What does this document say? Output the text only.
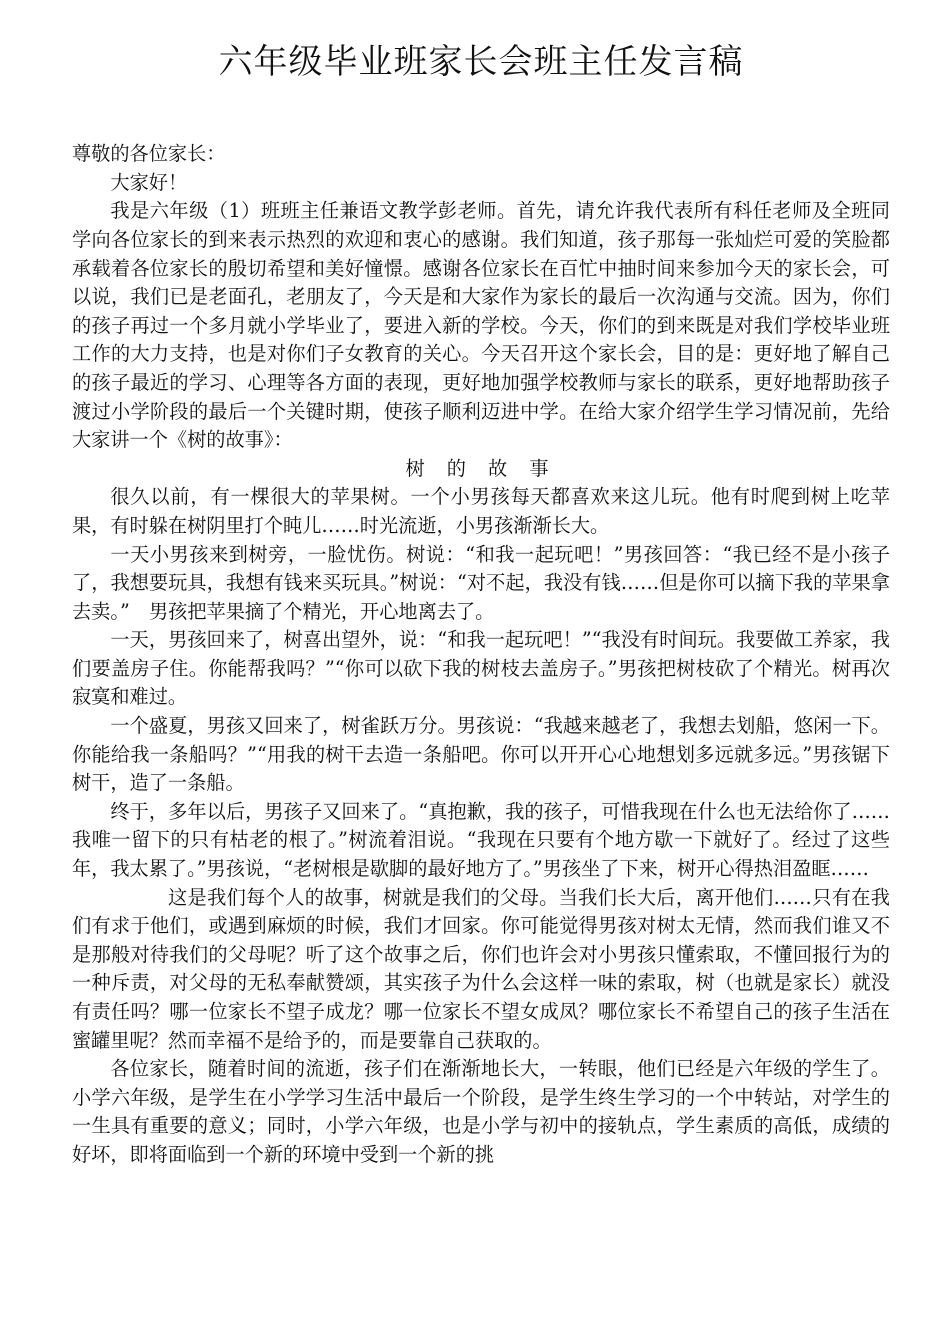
六年级毕业班家长会班主任发言稿

尊敬的各位家长：

大家好！

我是六年级（1）班班主任兼语文教学彭老师。首先，请允许我代表所有科任老师及全班同学向各位家长的到来表示热烈的欢迎和衷心的感谢。我们知道，孩子那每一张灿烂可爱的笑脸都承载着各位家长的殷切希望和美好憧憬。感谢各位家长在百忙中抽时间来参加今天的家长会，可以说，我们已是老面孔，老朋友了，今天是和大家作为家长的最后一次沟通与交流。因为，你们的孩子再过一个多月就小学毕业了，要进入新的学校。今天，你们的到来既是对我们学校毕业班工作的大力支持，也是对你们子女教育的关心。今天召开这个家长会，目的是：更好地了解自己的孩子最近的学习、心理等各方面的表现，更好地加强学校教师与家长的联系，更好地帮助孩子渡过小学阶段的最后一个关键时期，使孩子顺利迈进中学。在给大家介绍学生学习情况前，先给大家讲一个《树的故事》：

树 的 故 事

很久以前，有一棵很大的苹果树。一个小男孩每天都喜欢来这儿玩。他有时爬到树上吃苹果，有时躲在树阴里打个盹儿……时光流逝，小男孩渐渐长大。

一天小男孩来到树旁，一脸忧伤。树说：“和我一起玩吧！”男孩回答：“我已经不是小孩子了，我想要玩具，我想有钱来买玩具。”树说：“对不起，我没有钱……但是你可以摘下我的苹果拿去卖。”　男孩把苹果摘了个精光，开心地离去了。

一天，男孩回来了，树喜出望外，说：“和我一起玩吧！”“我没有时间玩。我要做工养家，我们要盖房子住。你能帮我吗？”“你可以砍下我的树枝去盖房子。”男孩把树枝砍了个精光。树再次寂寞和难过。

一个盛夏，男孩又回来了，树雀跃万分。男孩说：“我越来越老了，我想去划船，悠闲一下。你能给我一条船吗？”“用我的树干去造一条船吧。你可以开开心心地想划多远就多远。”男孩锯下树干，造了一条船。

终于，多年以后，男孩子又回来了。“真抱歉，我的孩子，可惜我现在什么也无法给你了……我唯一留下的只有枯老的根了。”树流着泪说。“我现在只要有个地方歇一下就好了。经过了这些年，我太累了。”男孩说，“老树根是歇脚的最好地方了。”男孩坐了下来，树开心得热泪盈眶……

这是我们每个人的故事，树就是我们的父母。当我们长大后，离开他们……只有在我们有求于他们，或遇到麻烦的时候，我们才回家。你可能觉得男孩对树太无情，然而我们谁又不是那般对待我们的父母呢？听了这个故事之后，你们也许会对小男孩只懂索取，不懂回报行为的一种斥责，对父母的无私奉献赞颂，其实孩子为什么会这样一味的索取，树（也就是家长）就没有责任吗？哪一位家长不望子成龙？哪一位家长不望女成凤？哪位家长不希望自己的孩子生活在蜜罐里呢？然而幸福不是给予的，而是要靠自己获取的。

各位家长，随着时间的流逝，孩子们在渐渐地长大，一转眼，他们已经是六年级的学生了。小学六年级，是学生在小学学习生活中最后一个阶段，是学生终生学习的一个中转站，对学生的一生具有重要的意义；同时，小学六年级，也是小学与初中的接轨点，学生素质的高低，成绩的好坏，即将面临到一个新的环境中受到一个新的挑
